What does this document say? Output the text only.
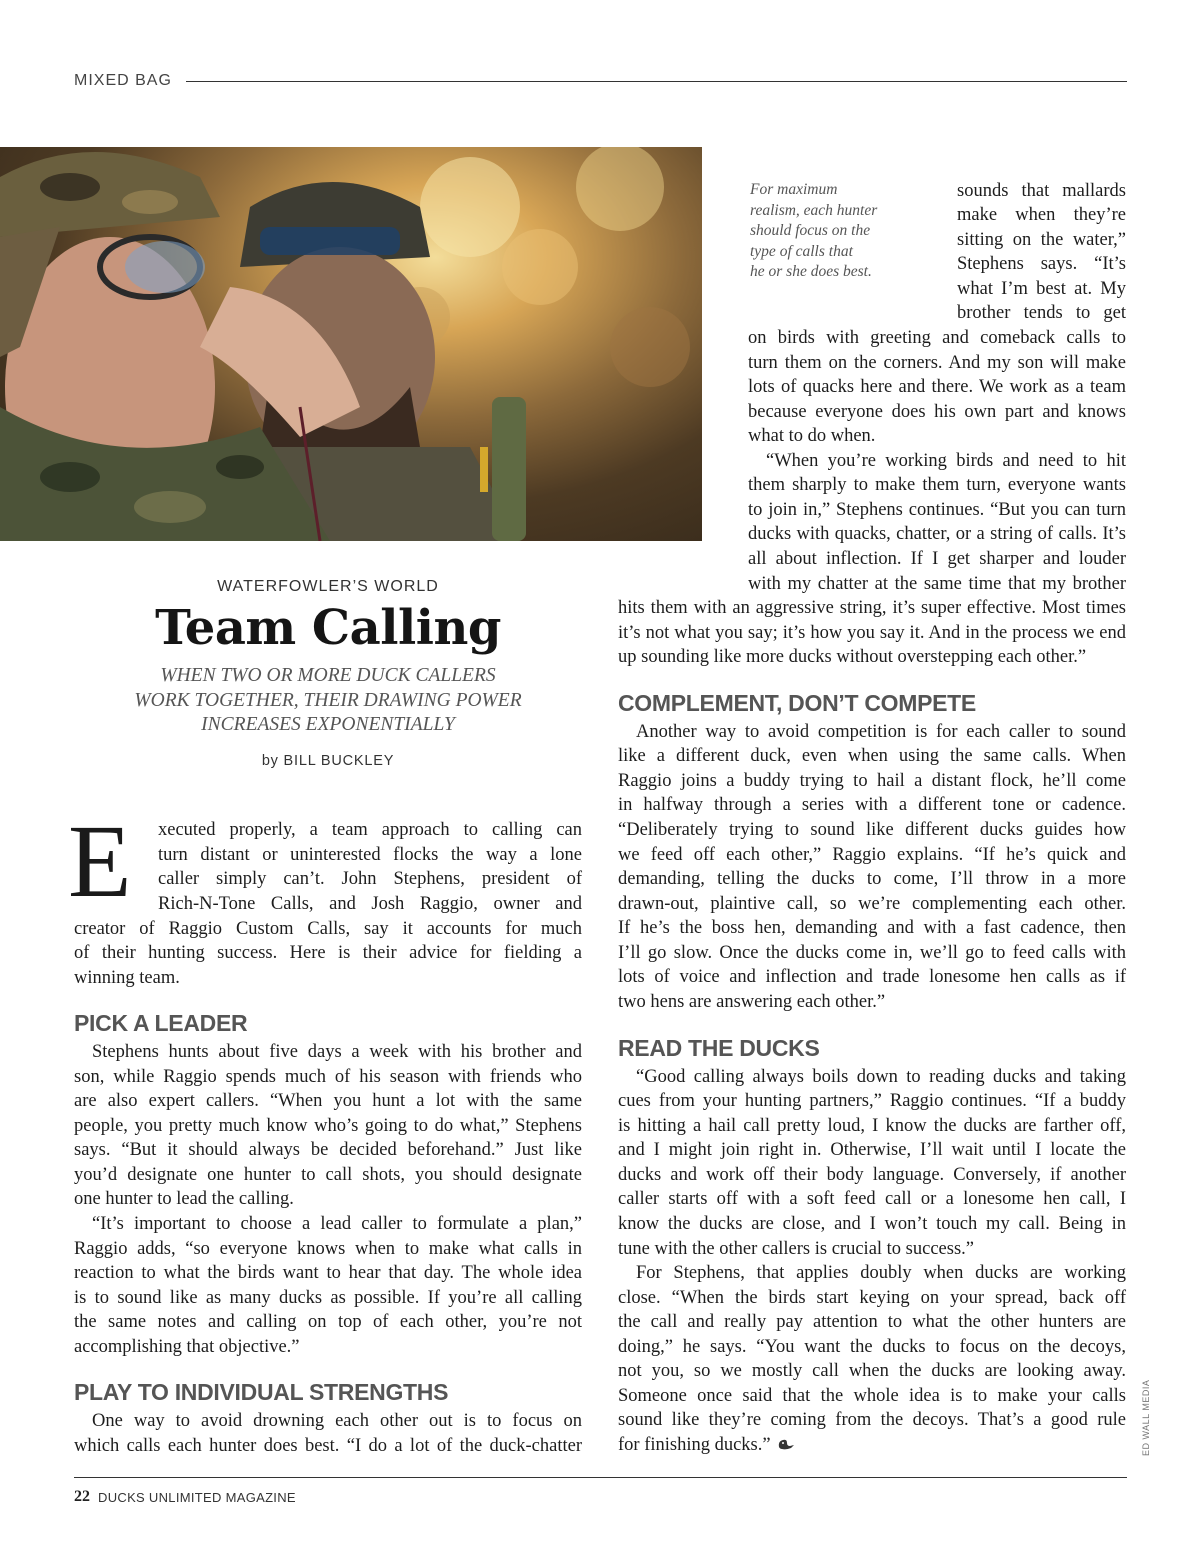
MIXED BAG
WATERFOWLER’S WORLD
Team Calling
WHEN TWO OR MORE DUCK CALLERS
WORK TOGETHER, THEIR DRAWING POWER
INCREASES EXPONENTIALLY
by BILL BUCKLEY
E xecuted properly, a team approach to calling can
turn distant or uninterested flocks the way a lone
caller simply can’t. John Stephens, president of
Rich-N-Tone Calls, and Josh Raggio, owner and
creator of Raggio Custom Calls, say it accounts for much
of their hunting success. Here is their advice for fielding a
winning team.
PICK A LEADER
Stephens hunts about five days a week with his brother and
son, while Raggio spends much of his season with friends who
are also expert callers. “When you hunt a lot with the same
people, you pretty much know who’s going to do what,” Stephens
says. “But it should always be decided beforehand.” Just like
you’d designate one hunter to call shots, you should designate
one hunter to lead the calling.
“It’s important to choose a lead caller to formulate a plan,”
Raggio adds, “so everyone knows when to make what calls in
reaction to what the birds want to hear that day. The whole idea
is to sound like as many ducks as possible. If you’re all calling
the same notes and calling on top of each other, you’re not
accomplishing that objective.”
PLAY TO INDIVIDUAL STRENGTHS
One way to avoid drowning each other out is to focus on
which calls each hunter does best. “I do a lot of the duck-chatter
For maximum
realism, each hunter
should focus on the
type of calls that
he or she does best.
sounds that mallards
make when they’re
sitting on the water,”
Stephens says. “It’s
what I’m best at. My
brother tends to get
on birds with greeting and comeback calls to
turn them on the corners. And my son will make
lots of quacks here and there. We work as a team
because everyone does his own part and knows
what to do when.
“When you’re working birds and need to hit
them sharply to make them turn, everyone wants
to join in,” Stephens continues. “But you can turn
ducks with quacks, chatter, or a string of calls. It’s
all about inflection. If I get sharper and louder
with my chatter at the same time that my brother
hits them with an aggressive string, it’s super effective. Most times
it’s not what you say; it’s how you say it. And in the process we end
up sounding like more ducks without overstepping each other.”
COMPLEMENT, DON’T COMPETE
Another way to avoid competition is for each caller to sound
like a different duck, even when using the same calls. When
Raggio joins a buddy trying to hail a distant flock, he’ll come
in halfway through a series with a different tone or cadence.
“Deliberately trying to sound like different ducks guides how
we feed off each other,” Raggio explains. “If he’s quick and
demanding, telling the ducks to come, I’ll throw in a more
drawn-out, plaintive call, so we’re complementing each other.
If he’s the boss hen, demanding and with a fast cadence, then
I’ll go slow. Once the ducks come in, we’ll go to feed calls with
lots of voice and inflection and trade lonesome hen calls as if
two hens are answering each other.”
READ THE DUCKS
“Good calling always boils down to reading ducks and taking
cues from your hunting partners,” Raggio continues. “If a buddy
is hitting a hail call pretty loud, I know the ducks are farther off,
and I might join right in. Otherwise, I’ll wait until I locate the
ducks and work off their body language. Conversely, if another
caller starts off with a soft feed call or a lonesome hen call, I
know the ducks are close, and I won’t touch my call. Being in
tune with the other callers is crucial to success.”
For Stephens, that applies doubly when ducks are working
close. “When the birds start keying on your spread, back off
the call and really pay attention to what the other hunters are
doing,” he says. “You want the ducks to focus on the decoys,
not you, so we mostly call when the ducks are looking away.
Someone once said that the whole idea is to make your calls
sound like they’re coming from the decoys. That’s a good rule
for finishing ducks.”	ED WALL MEDIA
22 DUCKS UNLIMITED MAGAZINE
